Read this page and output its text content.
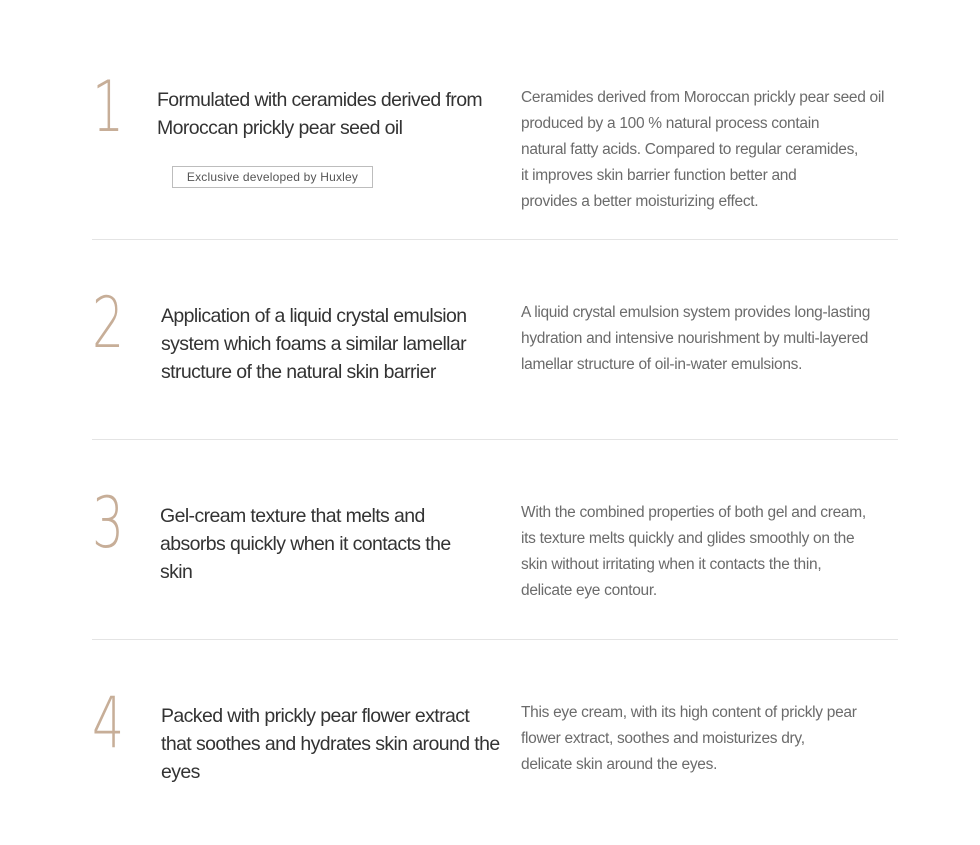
1 Formulated with ceramides derived from Moroccan prickly pear seed oil
Exclusive developed by Huxley

Ceramides derived from Moroccan prickly pear seed oil
produced by a 100 % natural process contain
natural fatty acids. Compared to regular ceramides,
it improves skin barrier function better and
provides a better moisturizing effect.

2 Application of a liquid crystal emulsion system which foams a similar lamellar structure of the natural skin barrier

A liquid crystal emulsion system provides long-lasting
hydration and intensive nourishment by multi-layered
lamellar structure of oil-in-water emulsions.

3 Gel-cream texture that melts and absorbs quickly when it contacts the skin

With the combined properties of both gel and cream,
its texture melts quickly and glides smoothly on the
skin without irritating when it contacts the thin,
delicate eye contour.

4 Packed with prickly pear flower extract that soothes and hydrates skin around the eyes

This eye cream, with its high content of prickly pear
flower extract, soothes and moisturizes dry,
delicate skin around the eyes.
